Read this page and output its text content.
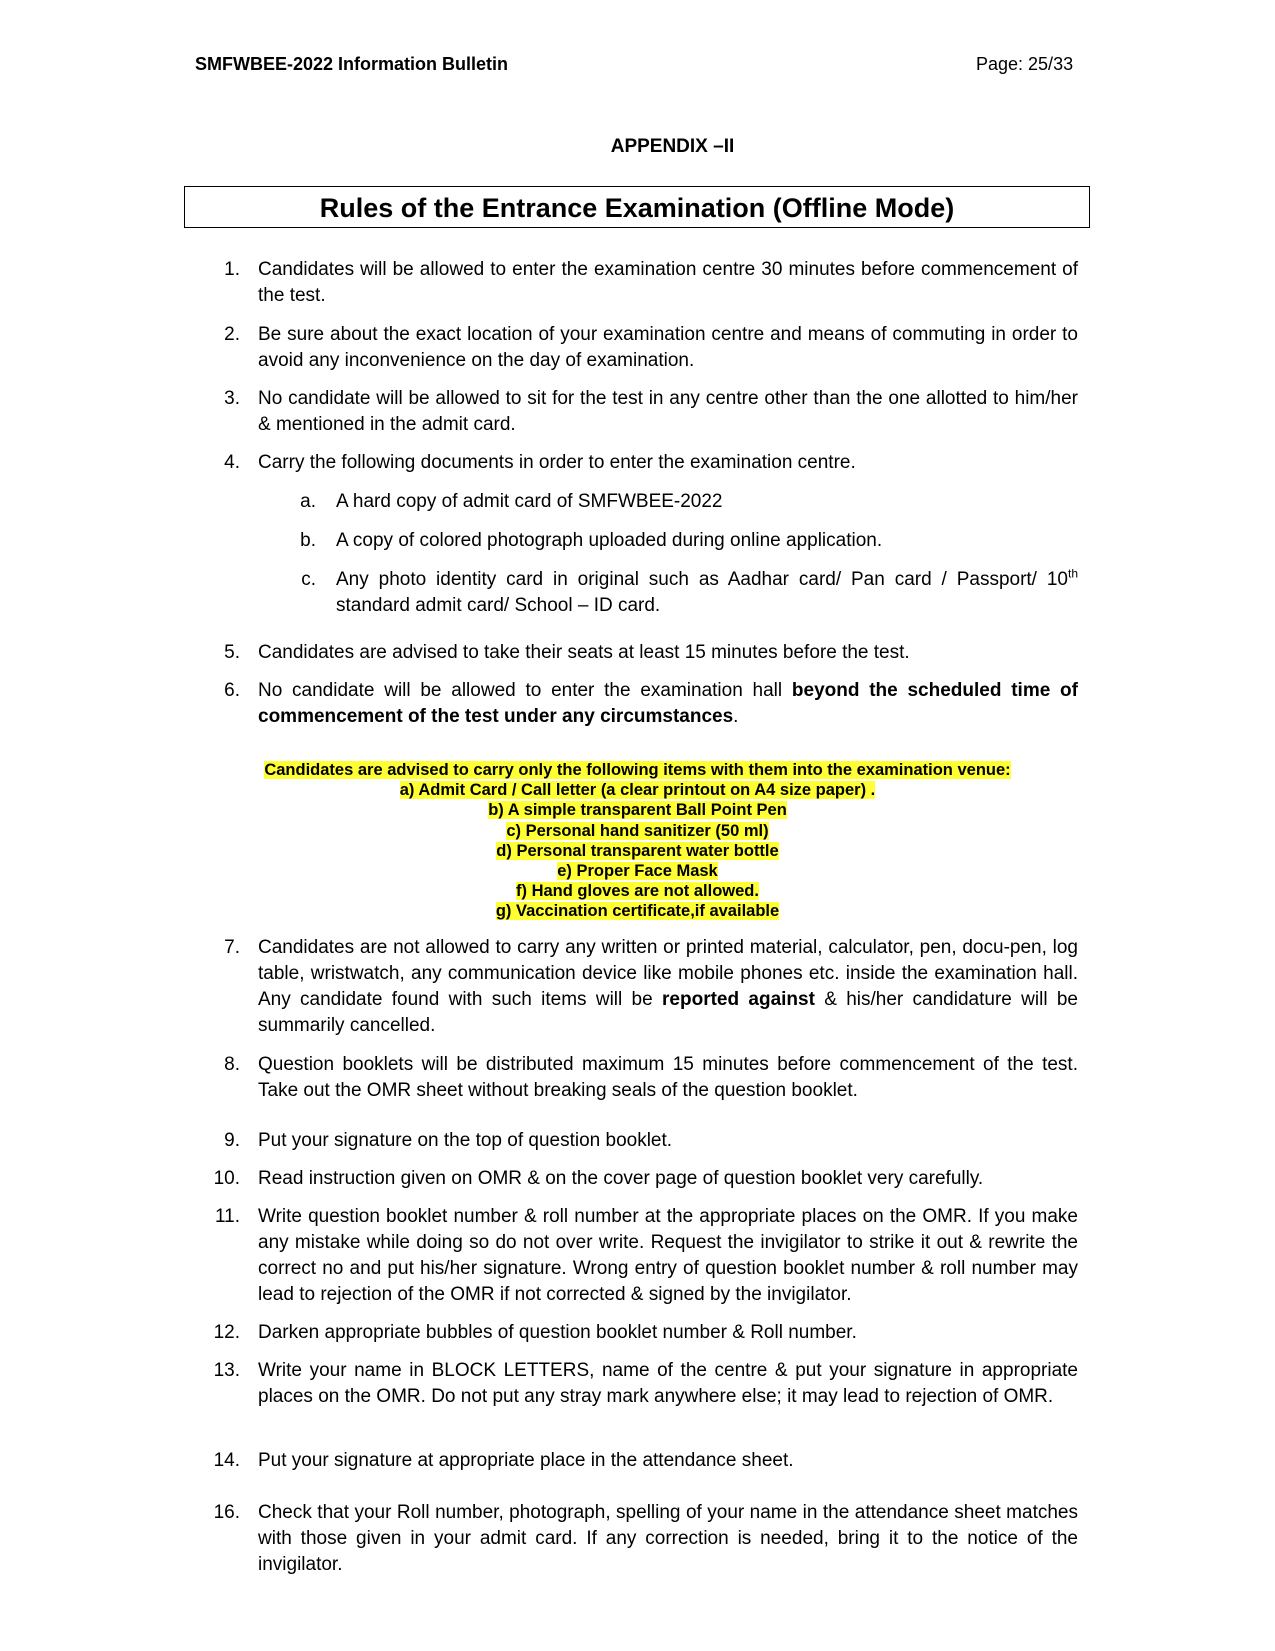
SMFWBEE-2022 Information Bulletin	Page: 25/33
APPENDIX –II
Rules of the Entrance Examination (Offline Mode)
1. Candidates will be allowed to enter the examination centre 30 minutes before commencement of the test.
2. Be sure about the exact location of your examination centre and means of commuting in order to avoid any inconvenience on the day of examination.
3. No candidate will be allowed to sit for the test in any centre other than the one allotted to him/her & mentioned in the admit card.
4. Carry the following documents in order to enter the examination centre.
a. A hard copy of admit card of SMFWBEE-2022
b. A copy of colored photograph uploaded during online application.
c. Any photo identity card in original such as Aadhar card/ Pan card / Passport/ 10th standard admit card/ School – ID card.
5. Candidates are advised to take their seats at least 15 minutes before the test.
6. No candidate will be allowed to enter the examination hall beyond the scheduled time of commencement of the test under any circumstances.
Candidates are advised to carry only the following items with them into the examination venue:
a) Admit Card / Call letter (a clear printout on A4 size paper) .
b) A simple transparent Ball Point Pen
c) Personal hand sanitizer (50 ml)
d) Personal transparent water bottle
e) Proper Face Mask
f) Hand gloves are not allowed.
g) Vaccination certificate,if available
7. Candidates are not allowed to carry any written or printed material, calculator, pen, docu-pen, log table, wristwatch, any communication device like mobile phones etc. inside the examination hall. Any candidate found with such items will be reported against & his/her candidature will be summarily cancelled.
8. Question booklets will be distributed maximum 15 minutes before commencement of the test. Take out the OMR sheet without breaking seals of the question booklet.
9. Put your signature on the top of question booklet.
10. Read instruction given on OMR & on the cover page of question booklet very carefully.
11. Write question booklet number & roll number at the appropriate places on the OMR. If you make any mistake while doing so do not over write. Request the invigilator to strike it out & rewrite the correct no and put his/her signature. Wrong entry of question booklet number & roll number may lead to rejection of the OMR if not corrected & signed by the invigilator.
12. Darken appropriate bubbles of question booklet number & Roll number.
13. Write your name in BLOCK LETTERS, name of the centre & put your signature in appropriate places on the OMR. Do not put any stray mark anywhere else; it may lead to rejection of OMR.
14. Put your signature at appropriate place in the attendance sheet.
16. Check that your Roll number, photograph, spelling of your name in the attendance sheet matches with those given in your admit card. If any correction is needed, bring it to the notice of the invigilator.
